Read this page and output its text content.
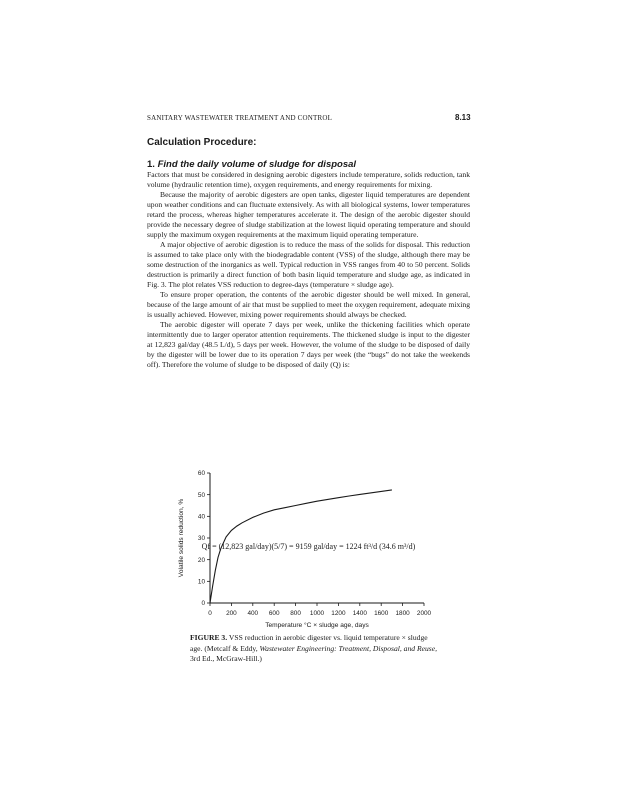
SANITARY WASTEWATER TREATMENT AND CONTROL	8.13
Calculation Procedure:
1. Find the daily volume of sludge for disposal

Factors that must be considered in designing aerobic digesters include temperature, solids reduction, tank volume (hydraulic retention time), oxygen requirements, and energy requirements for mixing.

Because the majority of aerobic digesters are open tanks, digester liquid temperatures are dependent upon weather conditions and can fluctuate extensively. As with all biological systems, lower temperatures retard the process, whereas higher temperatures accelerate it. The design of the aerobic digester should provide the necessary degree of sludge stabilization at the lowest liquid operating temperature and should supply the maximum oxygen requirements at the maximum liquid operating temperature.

A major objective of aerobic digestion is to reduce the mass of the solids for disposal. This reduction is assumed to take place only with the biodegradable content (VSS) of the sludge, although there may be some destruction of the inorganics as well. Typical reduction in VSS ranges from 40 to 50 percent. Solids destruction is primarily a direct function of both basin liquid temperature and sludge age, as indicated in Fig. 3. The plot relates VSS reduction to degree-days (temperature × sludge age).

To ensure proper operation, the contents of the aerobic digester should be well mixed. In general, because of the large amount of air that must be supplied to meet the oxygen requirement, adequate mixing is usually achieved. However, mixing power requirements should always be checked.

The aerobic digester will operate 7 days per week, unlike the thickening facilities which operate intermittently due to larger operator attention requirements. The thickened sludge is input to the digester at 12,823 gal/day (48.5 L/d), 5 days per week. However, the volume of the sludge to be disposed of daily by the digester will be lower due to its operation 7 days per week (the “bugs” do not take the weekends off). Therefore the volume of sludge to be disposed of daily (Q) is:

Qf = (12,823 gal/day)(5/7) = 9159 gal/day = 1224 ft³/d (34.6 m³/d)
0 200 400 600 800 1000 1200 1400 1600 1800 2000
0
10
20
30
40
50
60
Temperature °C × sludge age, days
Volatile solids reduction, %
FIGURE 3. VSS reduction in aerobic digester vs. liquid temperature × sludge age. (Metcalf & Eddy, Wastewater Engineering: Treatment, Disposal, and Reuse, 3rd Ed., McGraw-Hill.)
